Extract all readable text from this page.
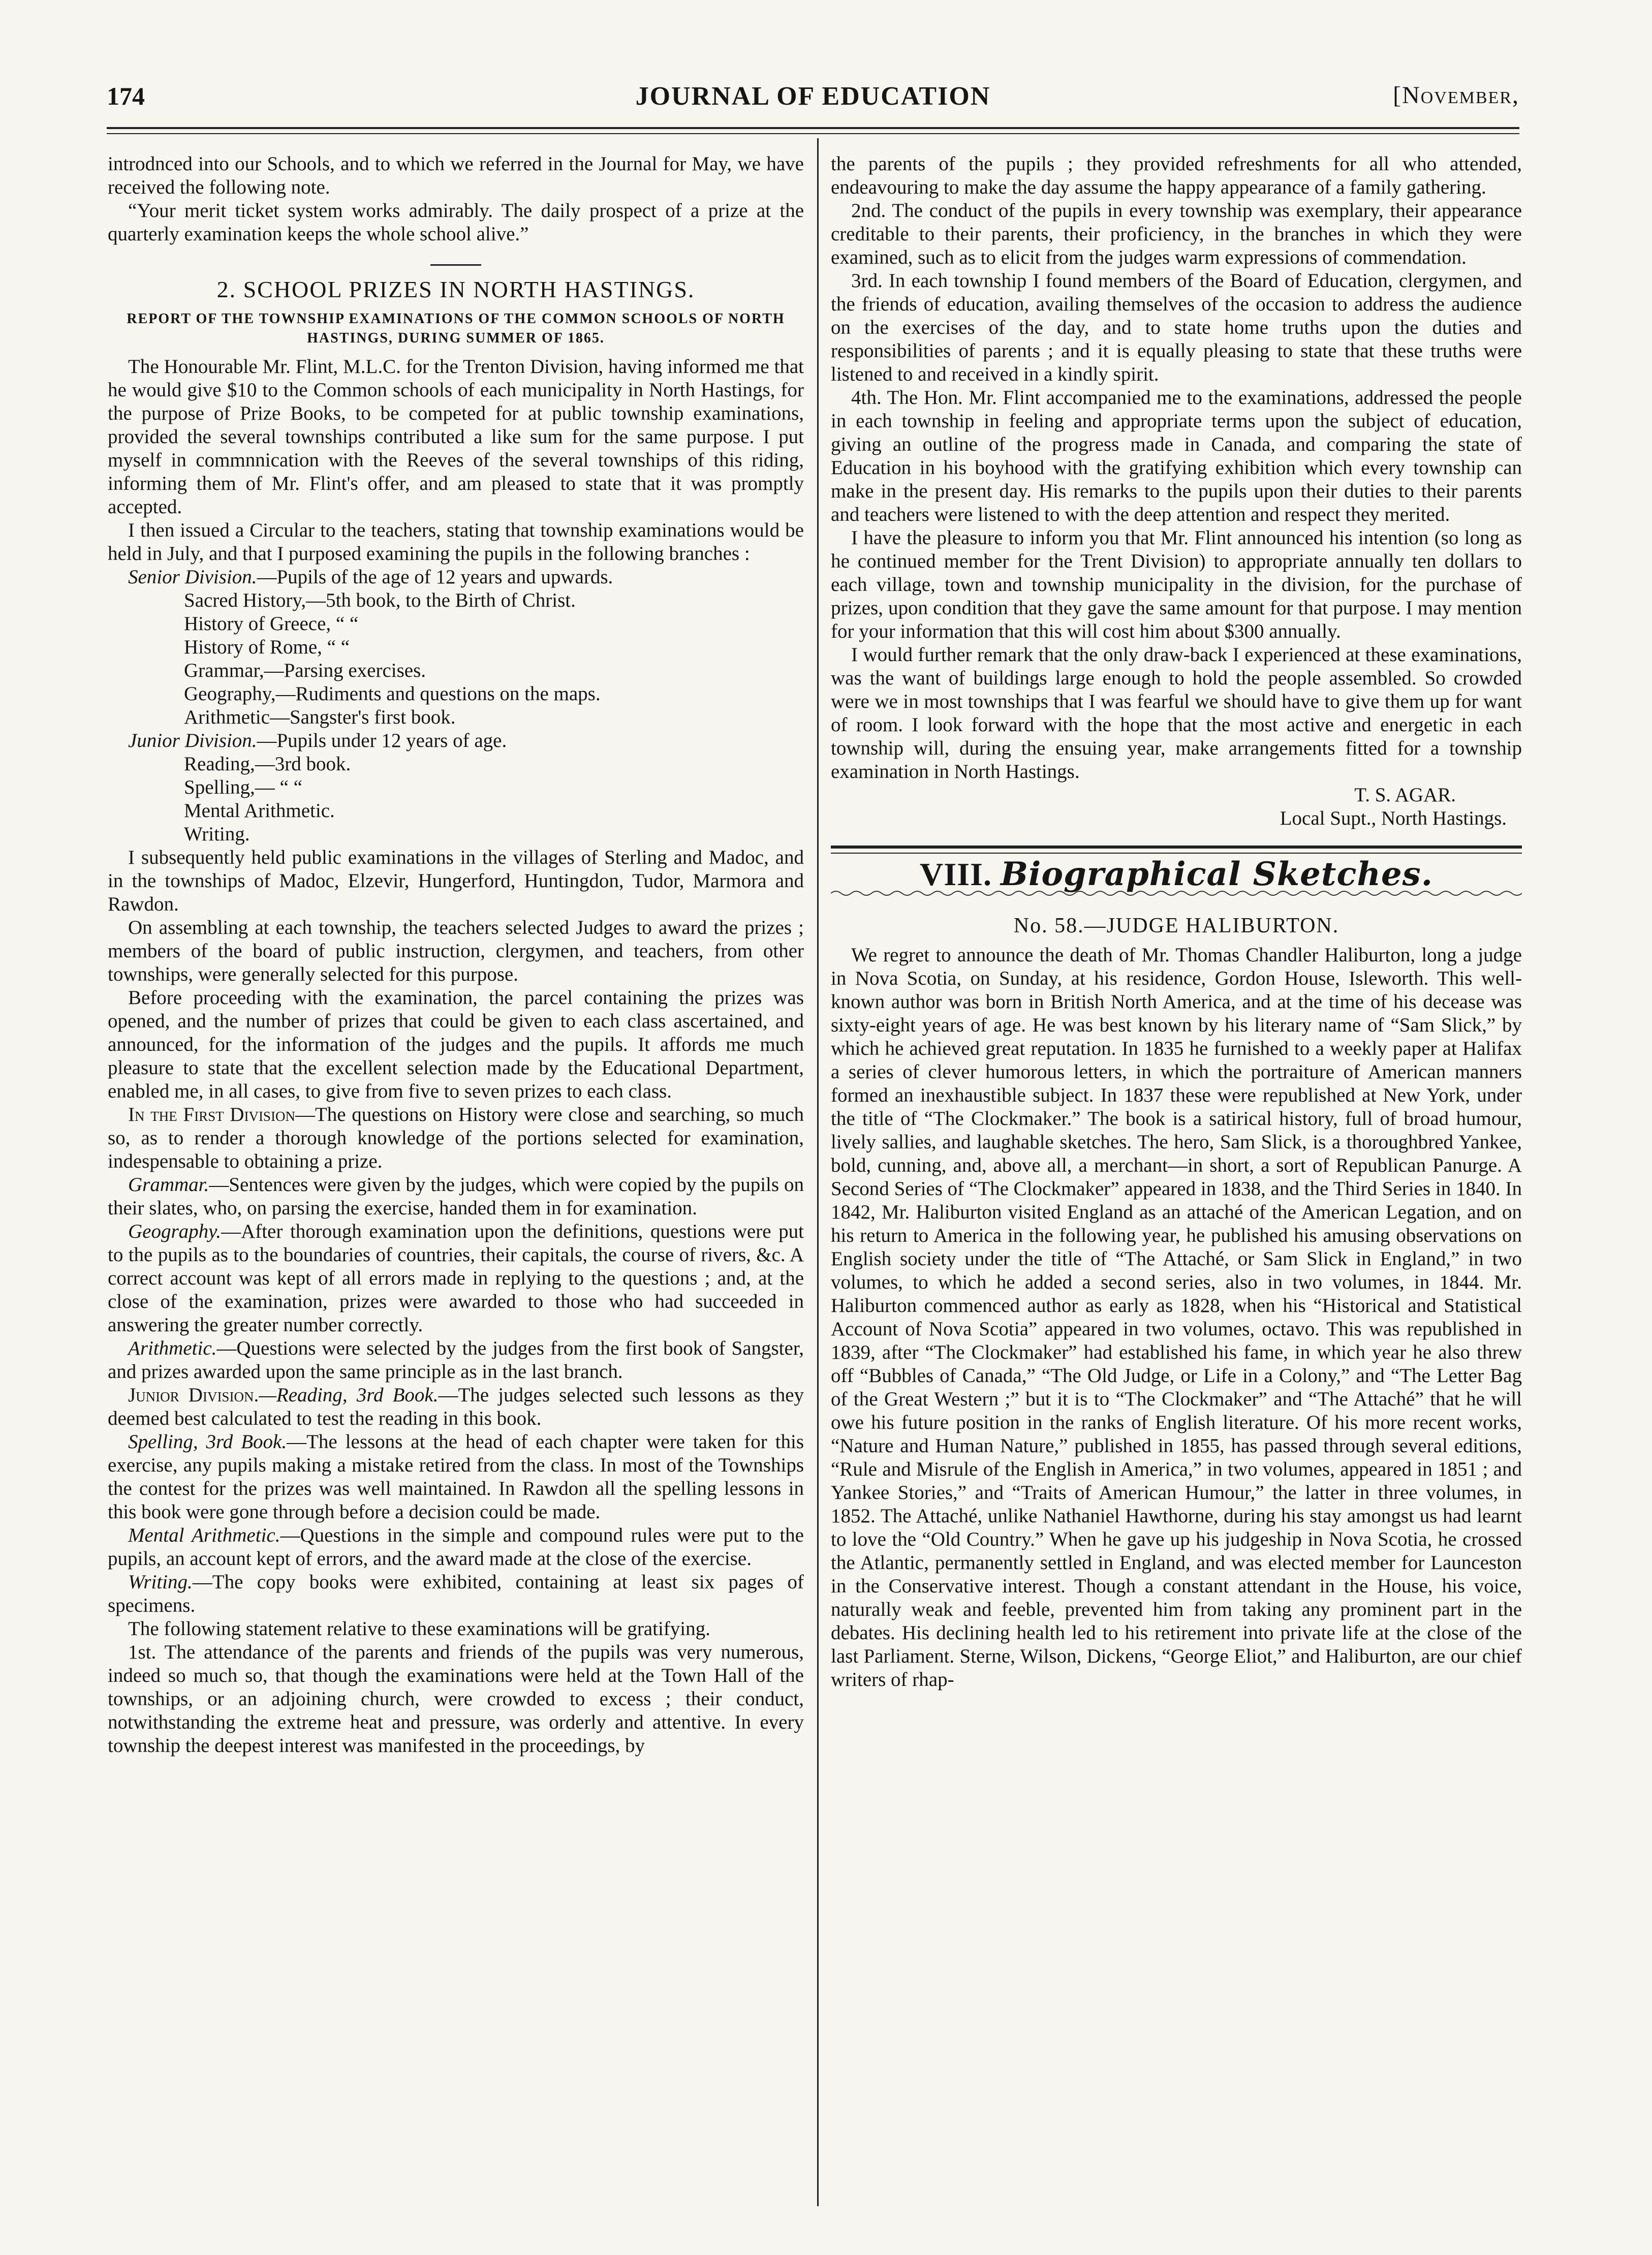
174	JOURNAL OF EDUCATION	[November,

introdnced into our Schools, and to which we referred in the Journal for May, we have received the following note.

“Your merit ticket system works admirably. The daily prospect of a prize at the quarterly examination keeps the whole school alive.”

2. SCHOOL PRIZES IN NORTH HASTINGS.
REPORT OF THE TOWNSHIP EXAMINATIONS OF THE COMMON SCHOOLS OF NORTH HASTINGS, DURING SUMMER OF 1865.

The Honourable Mr. Flint, M.L.C. for the Trenton Division, having informed me that he would give $10 to the Common schools of each municipality in North Hastings, for the purpose of Prize Books, to be competed for at public township examinations, provided the several townships contributed a like sum for the same purpose. I put myself in commnnication with the Reeves of the several townships of this riding, informing them of Mr. Flint's offer, and am pleased to state that it was promptly accepted.

I then issued a Circular to the teachers, stating that township examinations would be held in July, and that I purposed examining the pupils in the following branches :

Senior Division.—Pupils of the age of 12 years and upwards.

Sacred History,—5th book, to the Birth of Christ.

History of Greece, “ “

History of Rome, “ “

Grammar,—Parsing exercises.

Geography,—Rudiments and questions on the maps.

Arithmetic—Sangster's first book.

Junior Division.—Pupils under 12 years of age.

Reading,—3rd book.

Spelling,— “ “

Mental Arithmetic.

Writing.

I subsequently held public examinations in the villages of Sterling and Madoc, and in the townships of Madoc, Elzevir, Hungerford, Huntingdon, Tudor, Marmora and Rawdon.

On assembling at each township, the teachers selected Judges to award the prizes ; members of the board of public instruction, clergymen, and teachers, from other townships, were generally selected for this purpose.

Before proceeding with the examination, the parcel containing the prizes was opened, and the number of prizes that could be given to each class ascertained, and announced, for the information of the judges and the pupils. It affords me much pleasure to state that the excellent selection made by the Educational Department, enabled me, in all cases, to give from five to seven prizes to each class.

In the First Division—The questions on History were close and searching, so much so, as to render a thorough knowledge of the portions selected for examination, indespensable to obtaining a prize.

Grammar.—Sentences were given by the judges, which were copied by the pupils on their slates, who, on parsing the exercise, handed them in for examination.

Geography.—After thorough examination upon the definitions, questions were put to the pupils as to the boundaries of countries, their capitals, the course of rivers, &c. A correct account was kept of all errors made in replying to the questions ; and, at the close of the examination, prizes were awarded to those who had succeeded in answering the greater number correctly.

Arithmetic.—Questions were selected by the judges from the first book of Sangster, and prizes awarded upon the same principle as in the last branch.

Junior Division.—Reading, 3rd Book.—The judges selected such lessons as they deemed best calculated to test the reading in this book.

Spelling, 3rd Book.—The lessons at the head of each chapter were taken for this exercise, any pupils making a mistake retired from the class. In most of the Townships the contest for the prizes was well maintained. In Rawdon all the spelling lessons in this book were gone through before a decision could be made.

Mental Arithmetic.—Questions in the simple and compound rules were put to the pupils, an account kept of errors, and the award made at the close of the exercise.

Writing.—The copy books were exhibited, containing at least six pages of specimens.

The following statement relative to these examinations will be gratifying.

1st. The attendance of the parents and friends of the pupils was very numerous, indeed so much so, that though the examinations were held at the Town Hall of the townships, or an adjoining church, were crowded to excess ; their conduct, notwithstanding the extreme heat and pressure, was orderly and attentive. In every township the deepest interest was manifested in the proceedings, by

the parents of the pupils ; they provided refreshments for all who attended, endeavouring to make the day assume the happy appearance of a family gathering.

2nd. The conduct of the pupils in every township was exemplary, their appearance creditable to their parents, their proficiency, in the branches in which they were examined, such as to elicit from the judges warm expressions of commendation.

3rd. In each township I found members of the Board of Education, clergymen, and the friends of education, availing themselves of the occasion to address the audience on the exercises of the day, and to state home truths upon the duties and responsibilities of parents ; and it is equally pleasing to state that these truths were listened to and received in a kindly spirit.

4th. The Hon. Mr. Flint accompanied me to the examinations, addressed the people in each township in feeling and appropriate terms upon the subject of education, giving an outline of the progress made in Canada, and comparing the state of Education in his boyhood with the gratifying exhibition which every township can make in the present day. His remarks to the pupils upon their duties to their parents and teachers were listened to with the deep attention and respect they merited.

I have the pleasure to inform you that Mr. Flint announced his intention (so long as he continued member for the Trent Division) to appropriate annually ten dollars to each village, town and township municipality in the division, for the purchase of prizes, upon condition that they gave the same amount for that purpose. I may mention for your information that this will cost him about $300 annually.

I would further remark that the only draw-back I experienced at these examinations, was the want of buildings large enough to hold the people assembled. So crowded were we in most townships that I was fearful we should have to give them up for want of room. I look forward with the hope that the most active and energetic in each township will, during the ensuing year, make arrangements fitted for a township examination in North Hastings.

T. S. AGAR.

Local Supt., North Hastings.

VIII. Biographical Sketches.
No. 58.—JUDGE HALIBURTON.

We regret to announce the death of Mr. Thomas Chandler Haliburton, long a judge in Nova Scotia, on Sunday, at his residence, Gordon House, Isleworth. This well-known author was born in British North America, and at the time of his decease was sixty-eight years of age. He was best known by his literary name of “Sam Slick,” by which he achieved great reputation. In 1835 he furnished to a weekly paper at Halifax a series of clever humorous letters, in which the portraiture of American manners formed an inexhaustible subject. In 1837 these were republished at New York, under the title of “The Clockmaker.” The book is a satirical history, full of broad humour, lively sallies, and laughable sketches. The hero, Sam Slick, is a thoroughbred Yankee, bold, cunning, and, above all, a merchant—in short, a sort of Republican Panurge. A Second Series of “The Clockmaker” appeared in 1838, and the Third Series in 1840. In 1842, Mr. Haliburton visited England as an attaché of the American Legation, and on his return to America in the following year, he published his amusing observations on English society under the title of “The Attaché, or Sam Slick in England,” in two volumes, to which he added a second series, also in two volumes, in 1844. Mr. Haliburton commenced author as early as 1828, when his “Historical and Statistical Account of Nova Scotia” appeared in two volumes, octavo. This was republished in 1839, after “The Clockmaker” had established his fame, in which year he also threw off “Bubbles of Canada,” “The Old Judge, or Life in a Colony,” and “The Letter Bag of the Great Western ;” but it is to “The Clockmaker” and “The Attaché” that he will owe his future position in the ranks of English literature. Of his more recent works, “Nature and Human Nature,” published in 1855, has passed through several editions, “Rule and Misrule of the English in America,” in two volumes, appeared in 1851 ; and Yankee Stories,” and “Traits of American Humour,” the latter in three volumes, in 1852. The Attaché, unlike Nathaniel Hawthorne, during his stay amongst us had learnt to love the “Old Country.” When he gave up his judgeship in Nova Scotia, he crossed the Atlantic, permanently settled in England, and was elected member for Launceston in the Conservative interest. Though a constant attendant in the House, his voice, naturally weak and feeble, prevented him from taking any prominent part in the debates. His declining health led to his retirement into private life at the close of the last Parliament. Sterne, Wilson, Dickens, “George Eliot,” and Haliburton, are our chief writers of rhap-
